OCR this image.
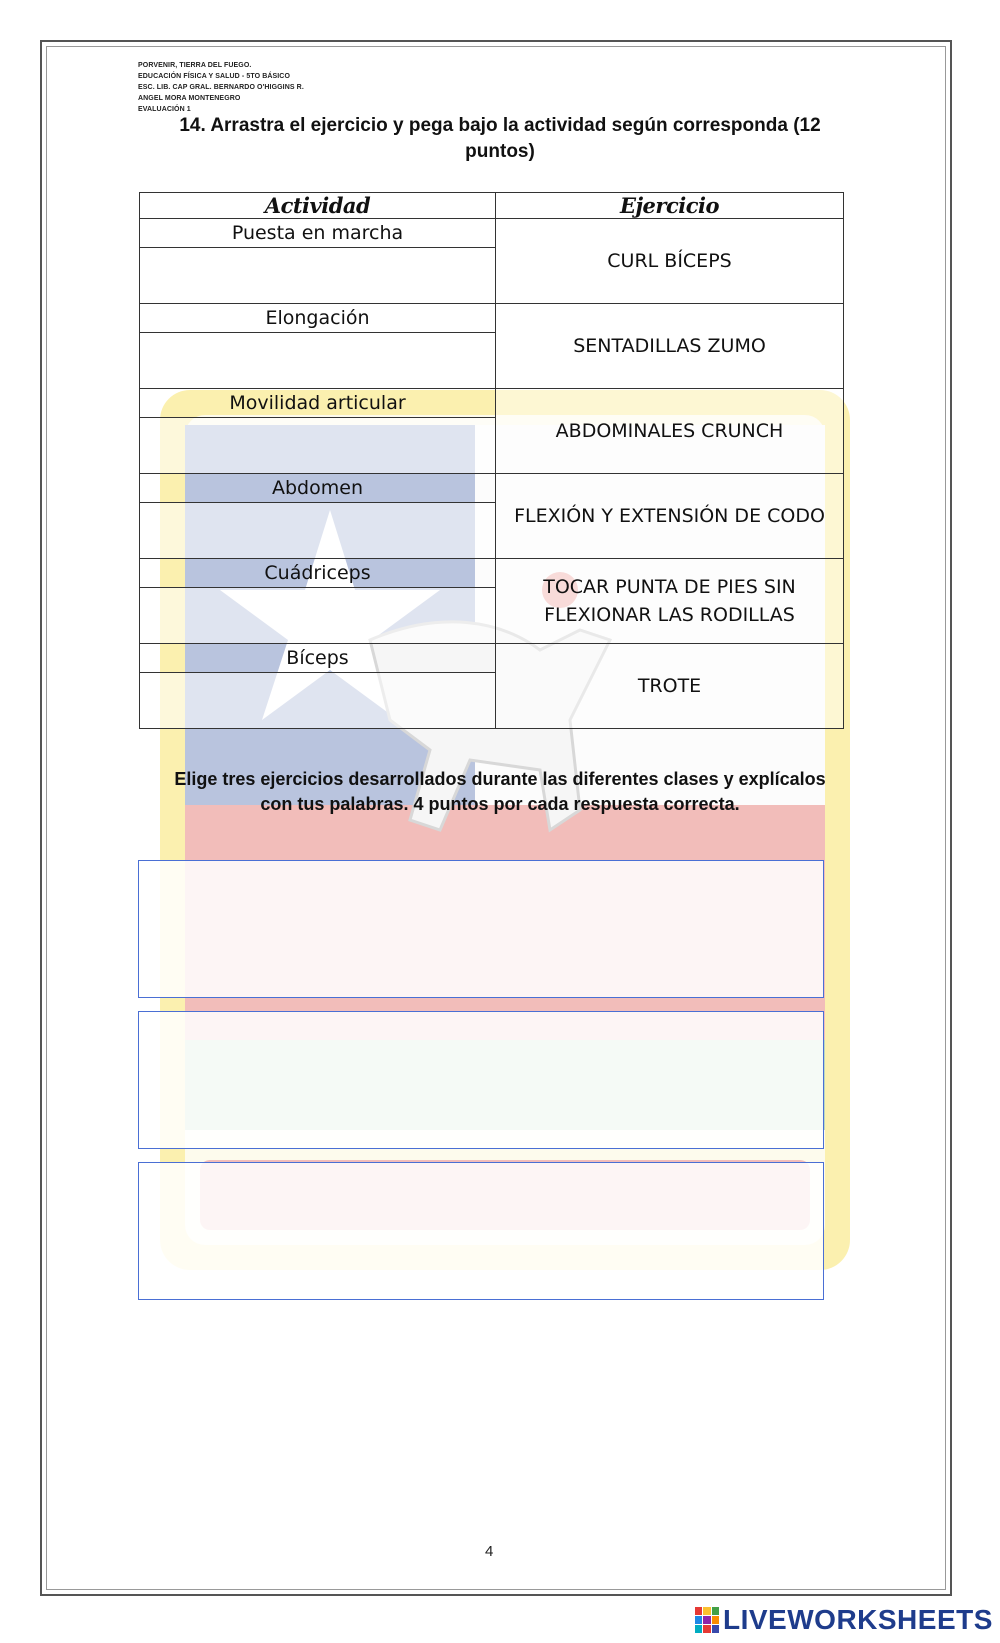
PORVENIR, TIERRA DEL FUEGO.
EDUCACIÓN FÍSICA Y SALUD - 5TO BÁSICO
ESC. LIB. CAP GRAL. BERNARDO O'HIGGINS R.
ANGEL MORA MONTENEGRO
EVALUACIÓN 1
14. Arrastra el ejercicio y pega bajo la actividad según corresponda (12
puntos)
Actividad	Ejercicio
Puesta en marcha	CURL BÍCEPS

Elongación	SENTADILLAS ZUMO

Movilidad articular	ABDOMINALES CRUNCH

Abdomen	FLEXIÓN Y EXTENSIÓN DE CODO

Cuádriceps	TOCAR PUNTA DE PIES SIN
FLEXIONAR LAS RODILLAS

Bíceps	TROTE

Elige tres ejercicios desarrollados durante las diferentes clases y explícalos
con tus palabras. 4 puntos por cada respuesta correcta.
4
LIVEWORKSHEETS
